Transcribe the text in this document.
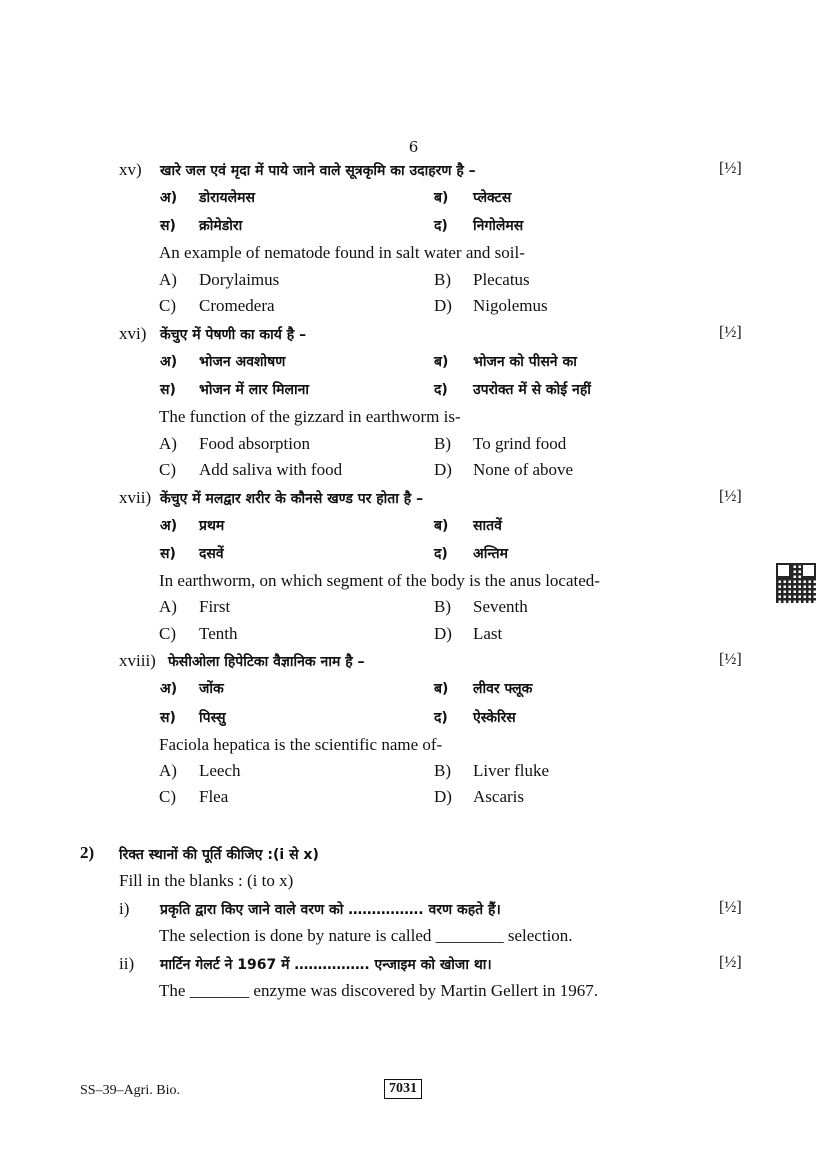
6
xv) खारे जल एवं मृदा में पाये जाने वाले सूत्रकृमि का उदाहरण है –	[½]
अ) डोरायलेमस	ब) प्लेक्टस
स) क्रोमेडोरा	द) निगोलेमस
An example of nematode found in salt water and soil-
A) Dorylaimus	B) Plecatus
C) Cromedera	D) Nigolemus
xvi) केंचुए में पेषणी का कार्य है –	[½]
अ) भोजन अवशोषण	ब) भोजन को पीसने का
स) भोजन में लार मिलाना	द) उपरोक्त में से कोई नहीं
The function of the gizzard in earthworm is-
A) Food absorption	B) To grind food
C) Add saliva with food	D) None of above
xvii) केंचुए में मलद्वार शरीर के कौनसे खण्ड पर होता है –	[½]
अ) प्रथम	ब) सातवें
स) दसवें	द) अन्तिम
In earthworm, on which segment of the body is the anus located-
A) First	B) Seventh
C) Tenth	D) Last
xviii) फेसीओला हिपेटिका वैज्ञानिक नाम है –	[½]
अ) जोंक	ब) लीवर फ्लूक
स) पिस्सु	द) ऐस्केरिस
Faciola hepatica is the scientific name of-
A) Leech	B) Liver fluke
C) Flea	D) Ascaris
2) रिक्त स्थानों की पूर्ति कीजिए :(i से x)
Fill in the blanks : (i to x)
i) प्रकृति द्वारा किए जाने वाले वरण को ……………. वरण कहते हैं।	[½]
The selection is done by nature is called ________ selection.
ii) मार्टिन गेलर्ट ने 1967 में ……………. एन्जाइम को खोजा था।	[½]
The _______ enzyme was discovered by Martin Gellert in 1967.
SS–39–Agri. Bio.	7031
